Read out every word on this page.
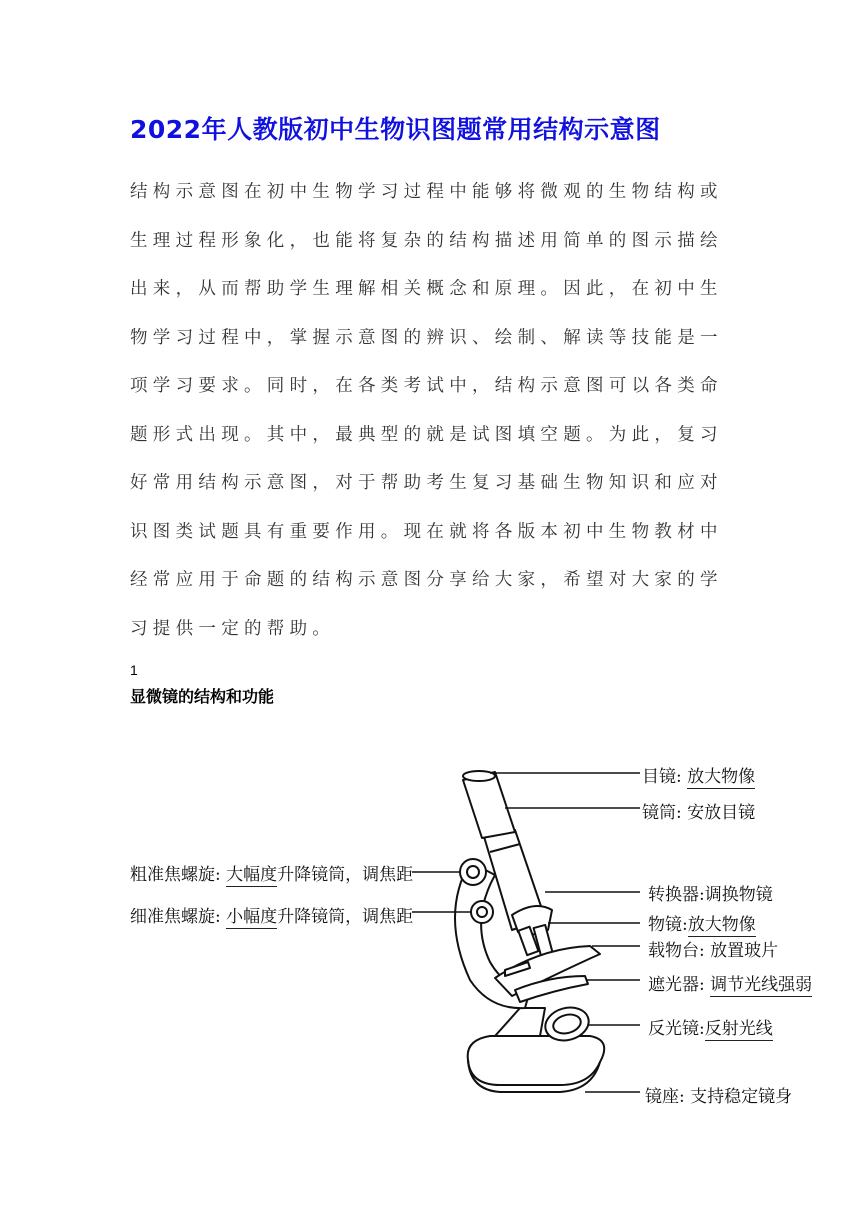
2022年人教版初中生物识图题常用结构示意图
结构示意图在初中生物学习过程中能够将微观的生物结构或
生理过程形象化，也能将复杂的结构描述用简单的图示描绘
出来，从而帮助学生理解相关概念和原理。因此，在初中生
物学习过程中，掌握示意图的辨识、绘制、解读等技能是一
项学习要求。同时，在各类考试中，结构示意图可以各类命
题形式出现。其中，最典型的就是试图填空题。为此，复习
好常用结构示意图，对于帮助考生复习基础生物知识和应对
识图类试题具有重要作用。现在就将各版本初中生物教材中
经常应用于命题的结构示意图分享给大家，希望对大家的学
习提供一定的帮助。
1
显微镜的结构和功能
粗准焦螺旋: 大幅度升降镜筒，调焦距
细准焦螺旋: 小幅度升降镜筒，调焦距
目镜: 放大物像
镜筒: 安放目镜
转换器:调换物镜
物镜:放大物像
载物台: 放置玻片
遮光器: 调节光线强弱
反光镜:反射光线
镜座: 支持稳定镜身
